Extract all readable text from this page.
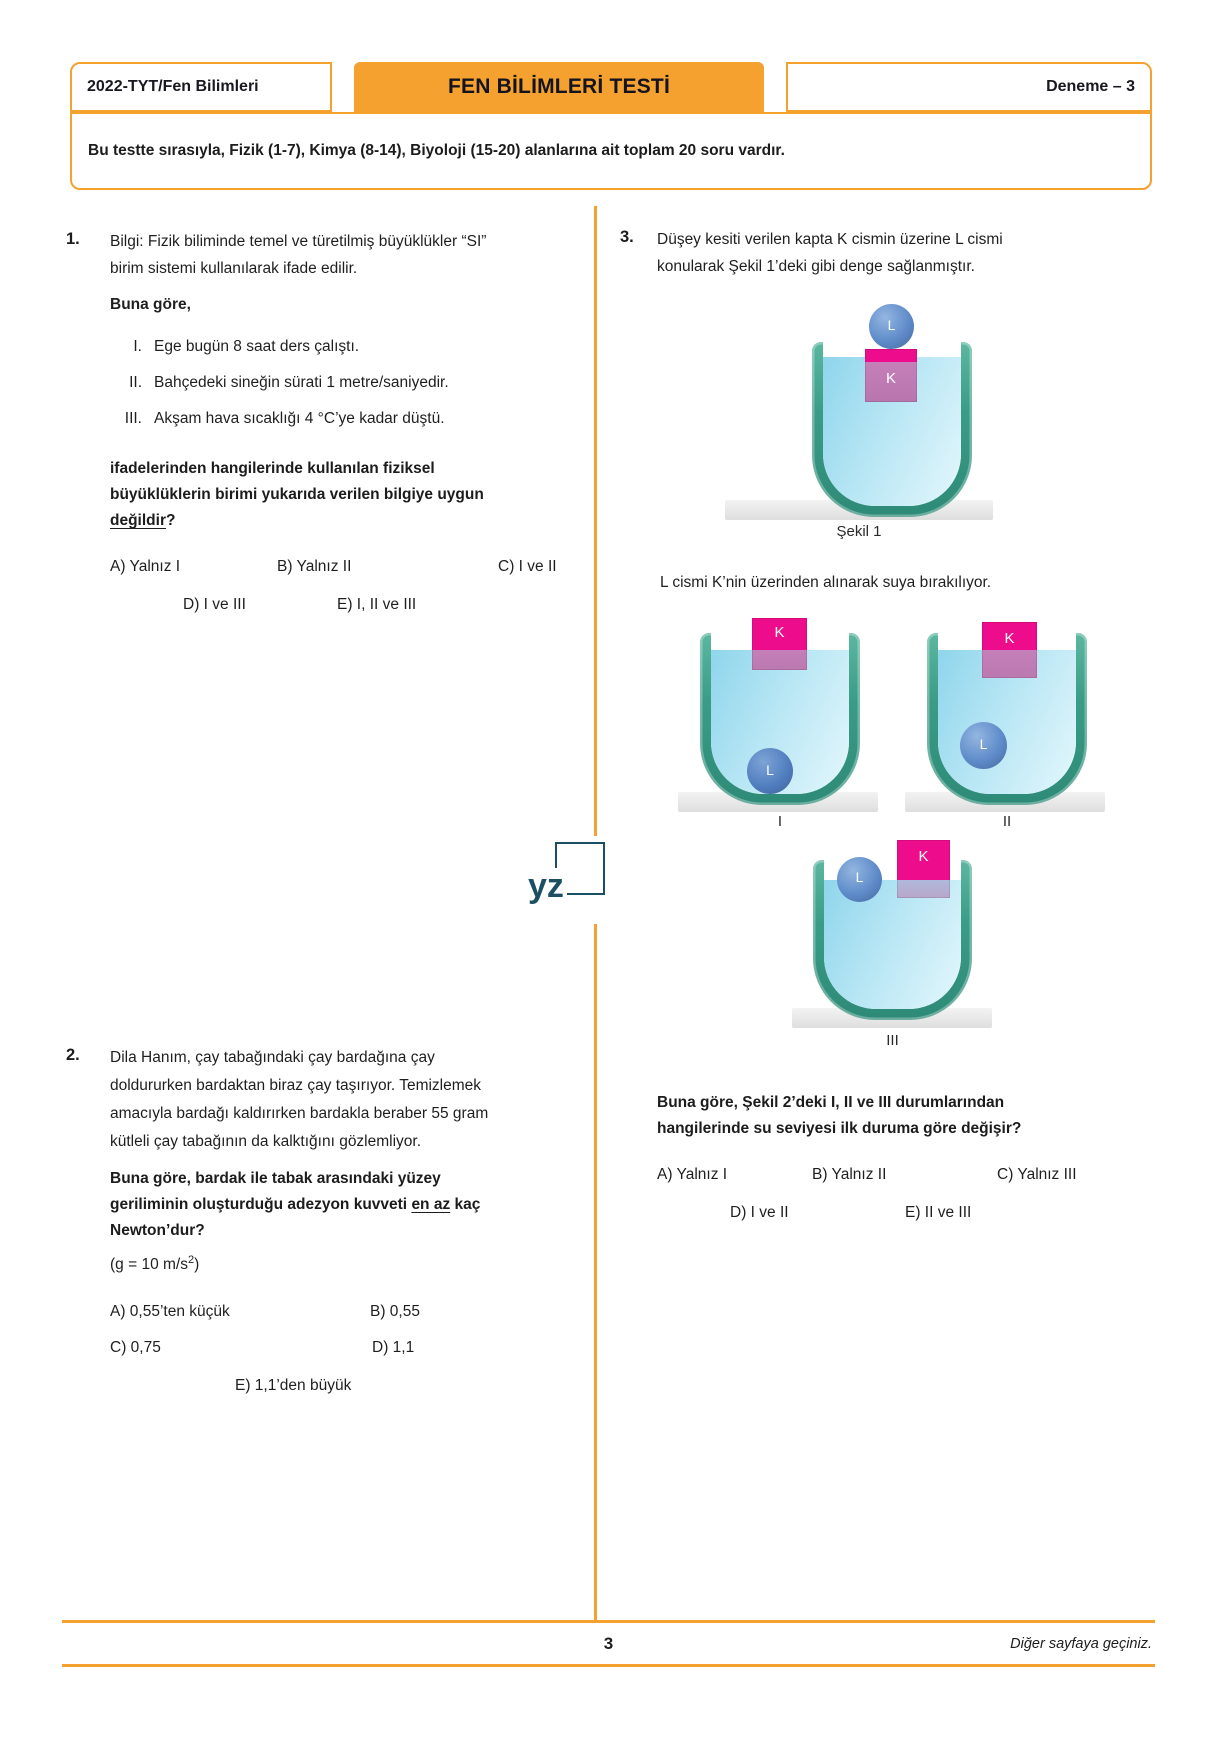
2022-TYT/Fen Bilimleri	FEN BİLİMLERİ TESTİ	Deneme – 3
Bu testte sırasıyla, Fizik (1-7), Kimya (8-14), Biyoloji (15-20) alanlarına ait toplam 20 soru vardır.
yz
1. Bilgi: Fizik biliminde temel ve türetilmiş büyüklükler “SI”
birim sistemi kullanılarak ifade edilir.
Buna göre,
I. Ege bugün 8 saat ders çalıştı.
II. Bahçedeki sineğin sürati 1 metre/saniyedir.
III. Akşam hava sıcaklığı 4 °C’ye kadar düştü.
ifadelerinden hangilerinde kullanılan fiziksel
büyüklüklerin birimi yukarıda verilen bilgiye uygun
değildir?
A) Yalnız I	B) Yalnız II	C) I ve II
D) I ve III	E) I, II ve III
2. Dila Hanım, çay tabağındaki çay bardağına çay
doldururken bardaktan biraz çay taşırıyor. Temizlemek
amacıyla bardağı kaldırırken bardakla beraber 55 gram
kütleli çay tabağının da kalktığını gözlemliyor.
Buna göre, bardak ile tabak arasındaki yüzey
geriliminin oluşturduğu adezyon kuvveti en az kaç
Newton’dur?
(g = 10 $m/s^2$)
A) 0,55’ten küçük	B) 0,55
C) 0,75	D) 1,1
E) 1,1’den büyük
3. Düşey kesiti verilen kapta K cismin üzerine L cismi
konularak Şekil 1’deki gibi denge sağlanmıştır.
K
L
Şekil 1
L cismi K’nin üzerinden alınarak suya bırakılıyor.
L
K
I
L
K
II
L
K
III
Buna göre, Şekil 2’deki I, II ve III durumlarından
hangilerinde su seviyesi ilk duruma göre değişir?
A) Yalnız I	B) Yalnız II	C) Yalnız III
D) I ve II	E) II ve III
3	Diğer sayfaya geçiniz.
